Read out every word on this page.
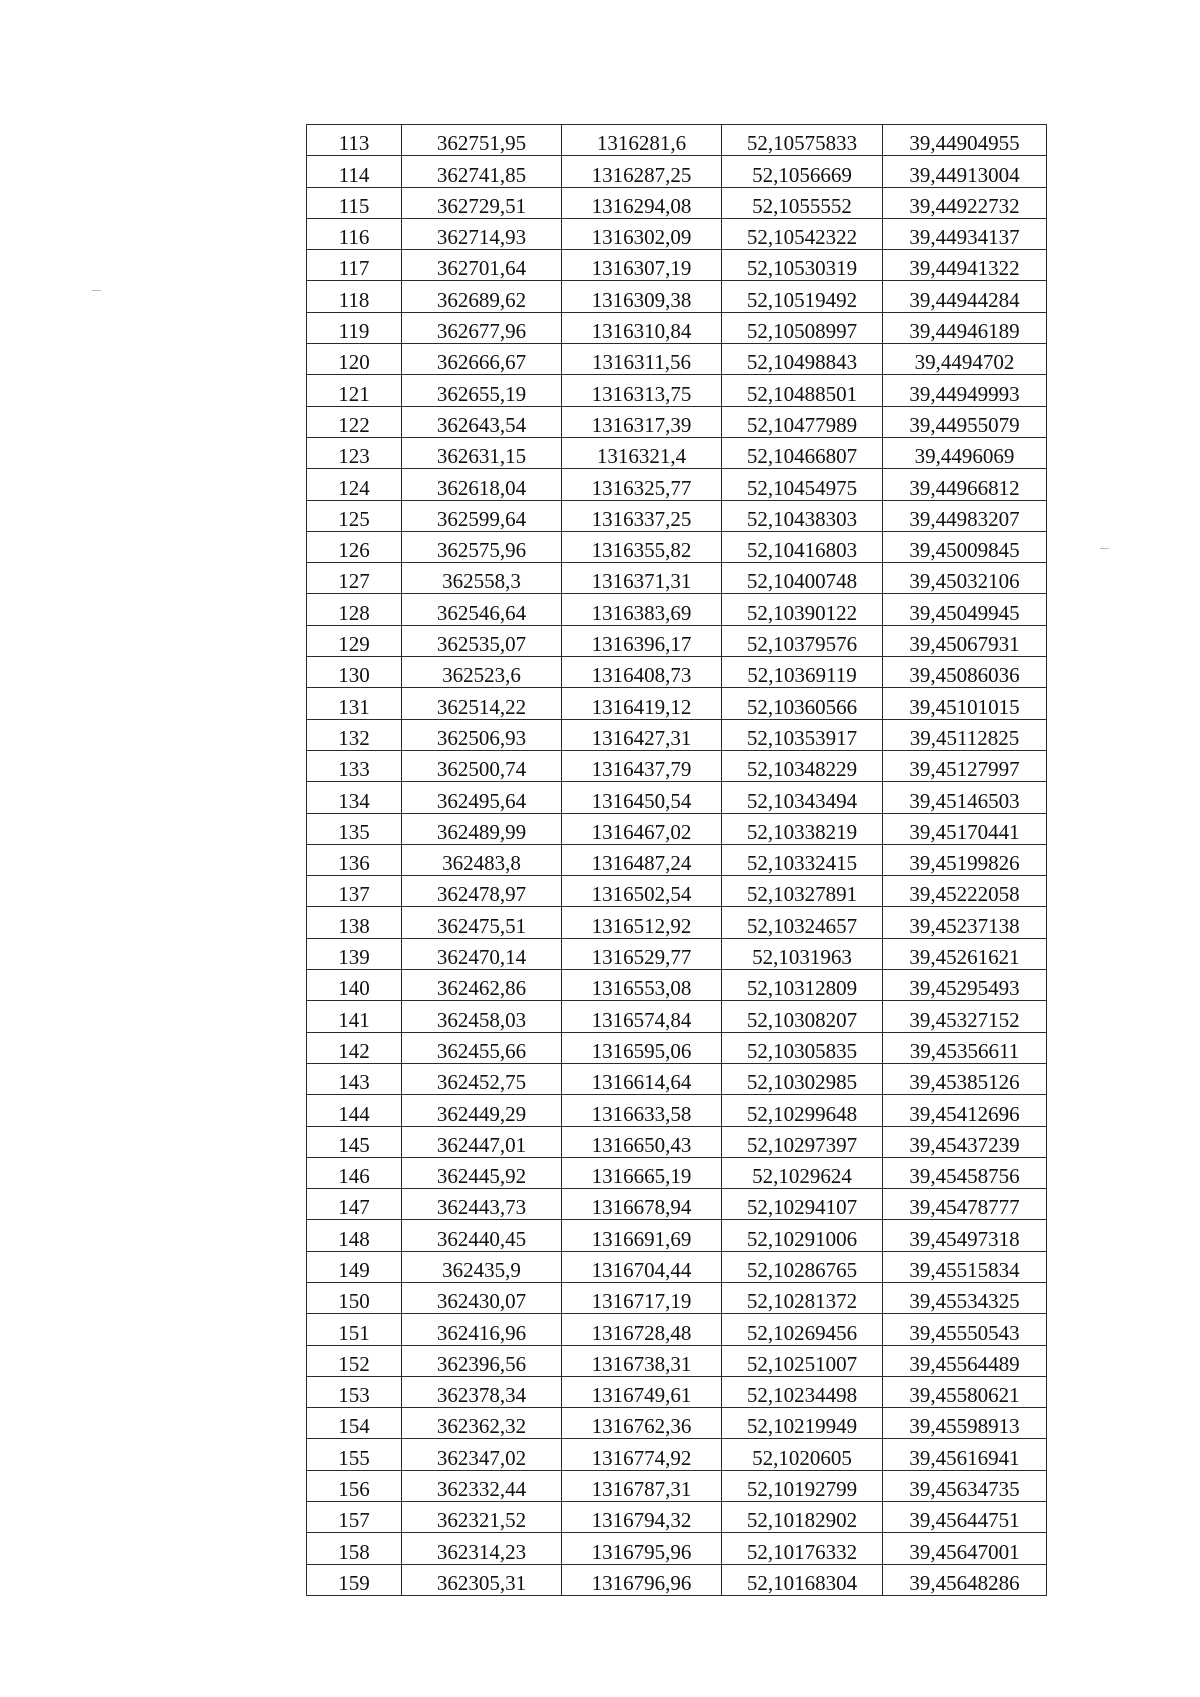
113	362751,95	1316281,6	52,10575833	39,44904955
114	362741,85	1316287,25	52,1056669	39,44913004
115	362729,51	1316294,08	52,1055552	39,44922732
116	362714,93	1316302,09	52,10542322	39,44934137
117	362701,64	1316307,19	52,10530319	39,44941322
118	362689,62	1316309,38	52,10519492	39,44944284
119	362677,96	1316310,84	52,10508997	39,44946189
120	362666,67	1316311,56	52,10498843	39,4494702
121	362655,19	1316313,75	52,10488501	39,44949993
122	362643,54	1316317,39	52,10477989	39,44955079
123	362631,15	1316321,4	52,10466807	39,4496069
124	362618,04	1316325,77	52,10454975	39,44966812
125	362599,64	1316337,25	52,10438303	39,44983207
126	362575,96	1316355,82	52,10416803	39,45009845
127	362558,3	1316371,31	52,10400748	39,45032106
128	362546,64	1316383,69	52,10390122	39,45049945
129	362535,07	1316396,17	52,10379576	39,45067931
130	362523,6	1316408,73	52,10369119	39,45086036
131	362514,22	1316419,12	52,10360566	39,45101015
132	362506,93	1316427,31	52,10353917	39,45112825
133	362500,74	1316437,79	52,10348229	39,45127997
134	362495,64	1316450,54	52,10343494	39,45146503
135	362489,99	1316467,02	52,10338219	39,45170441
136	362483,8	1316487,24	52,10332415	39,45199826
137	362478,97	1316502,54	52,10327891	39,45222058
138	362475,51	1316512,92	52,10324657	39,45237138
139	362470,14	1316529,77	52,1031963	39,45261621
140	362462,86	1316553,08	52,10312809	39,45295493
141	362458,03	1316574,84	52,10308207	39,45327152
142	362455,66	1316595,06	52,10305835	39,45356611
143	362452,75	1316614,64	52,10302985	39,45385126
144	362449,29	1316633,58	52,10299648	39,45412696
145	362447,01	1316650,43	52,10297397	39,45437239
146	362445,92	1316665,19	52,1029624	39,45458756
147	362443,73	1316678,94	52,10294107	39,45478777
148	362440,45	1316691,69	52,10291006	39,45497318
149	362435,9	1316704,44	52,10286765	39,45515834
150	362430,07	1316717,19	52,10281372	39,45534325
151	362416,96	1316728,48	52,10269456	39,45550543
152	362396,56	1316738,31	52,10251007	39,45564489
153	362378,34	1316749,61	52,10234498	39,45580621
154	362362,32	1316762,36	52,10219949	39,45598913
155	362347,02	1316774,92	52,1020605	39,45616941
156	362332,44	1316787,31	52,10192799	39,45634735
157	362321,52	1316794,32	52,10182902	39,45644751
158	362314,23	1316795,96	52,10176332	39,45647001
159	362305,31	1316796,96	52,10168304	39,45648286
